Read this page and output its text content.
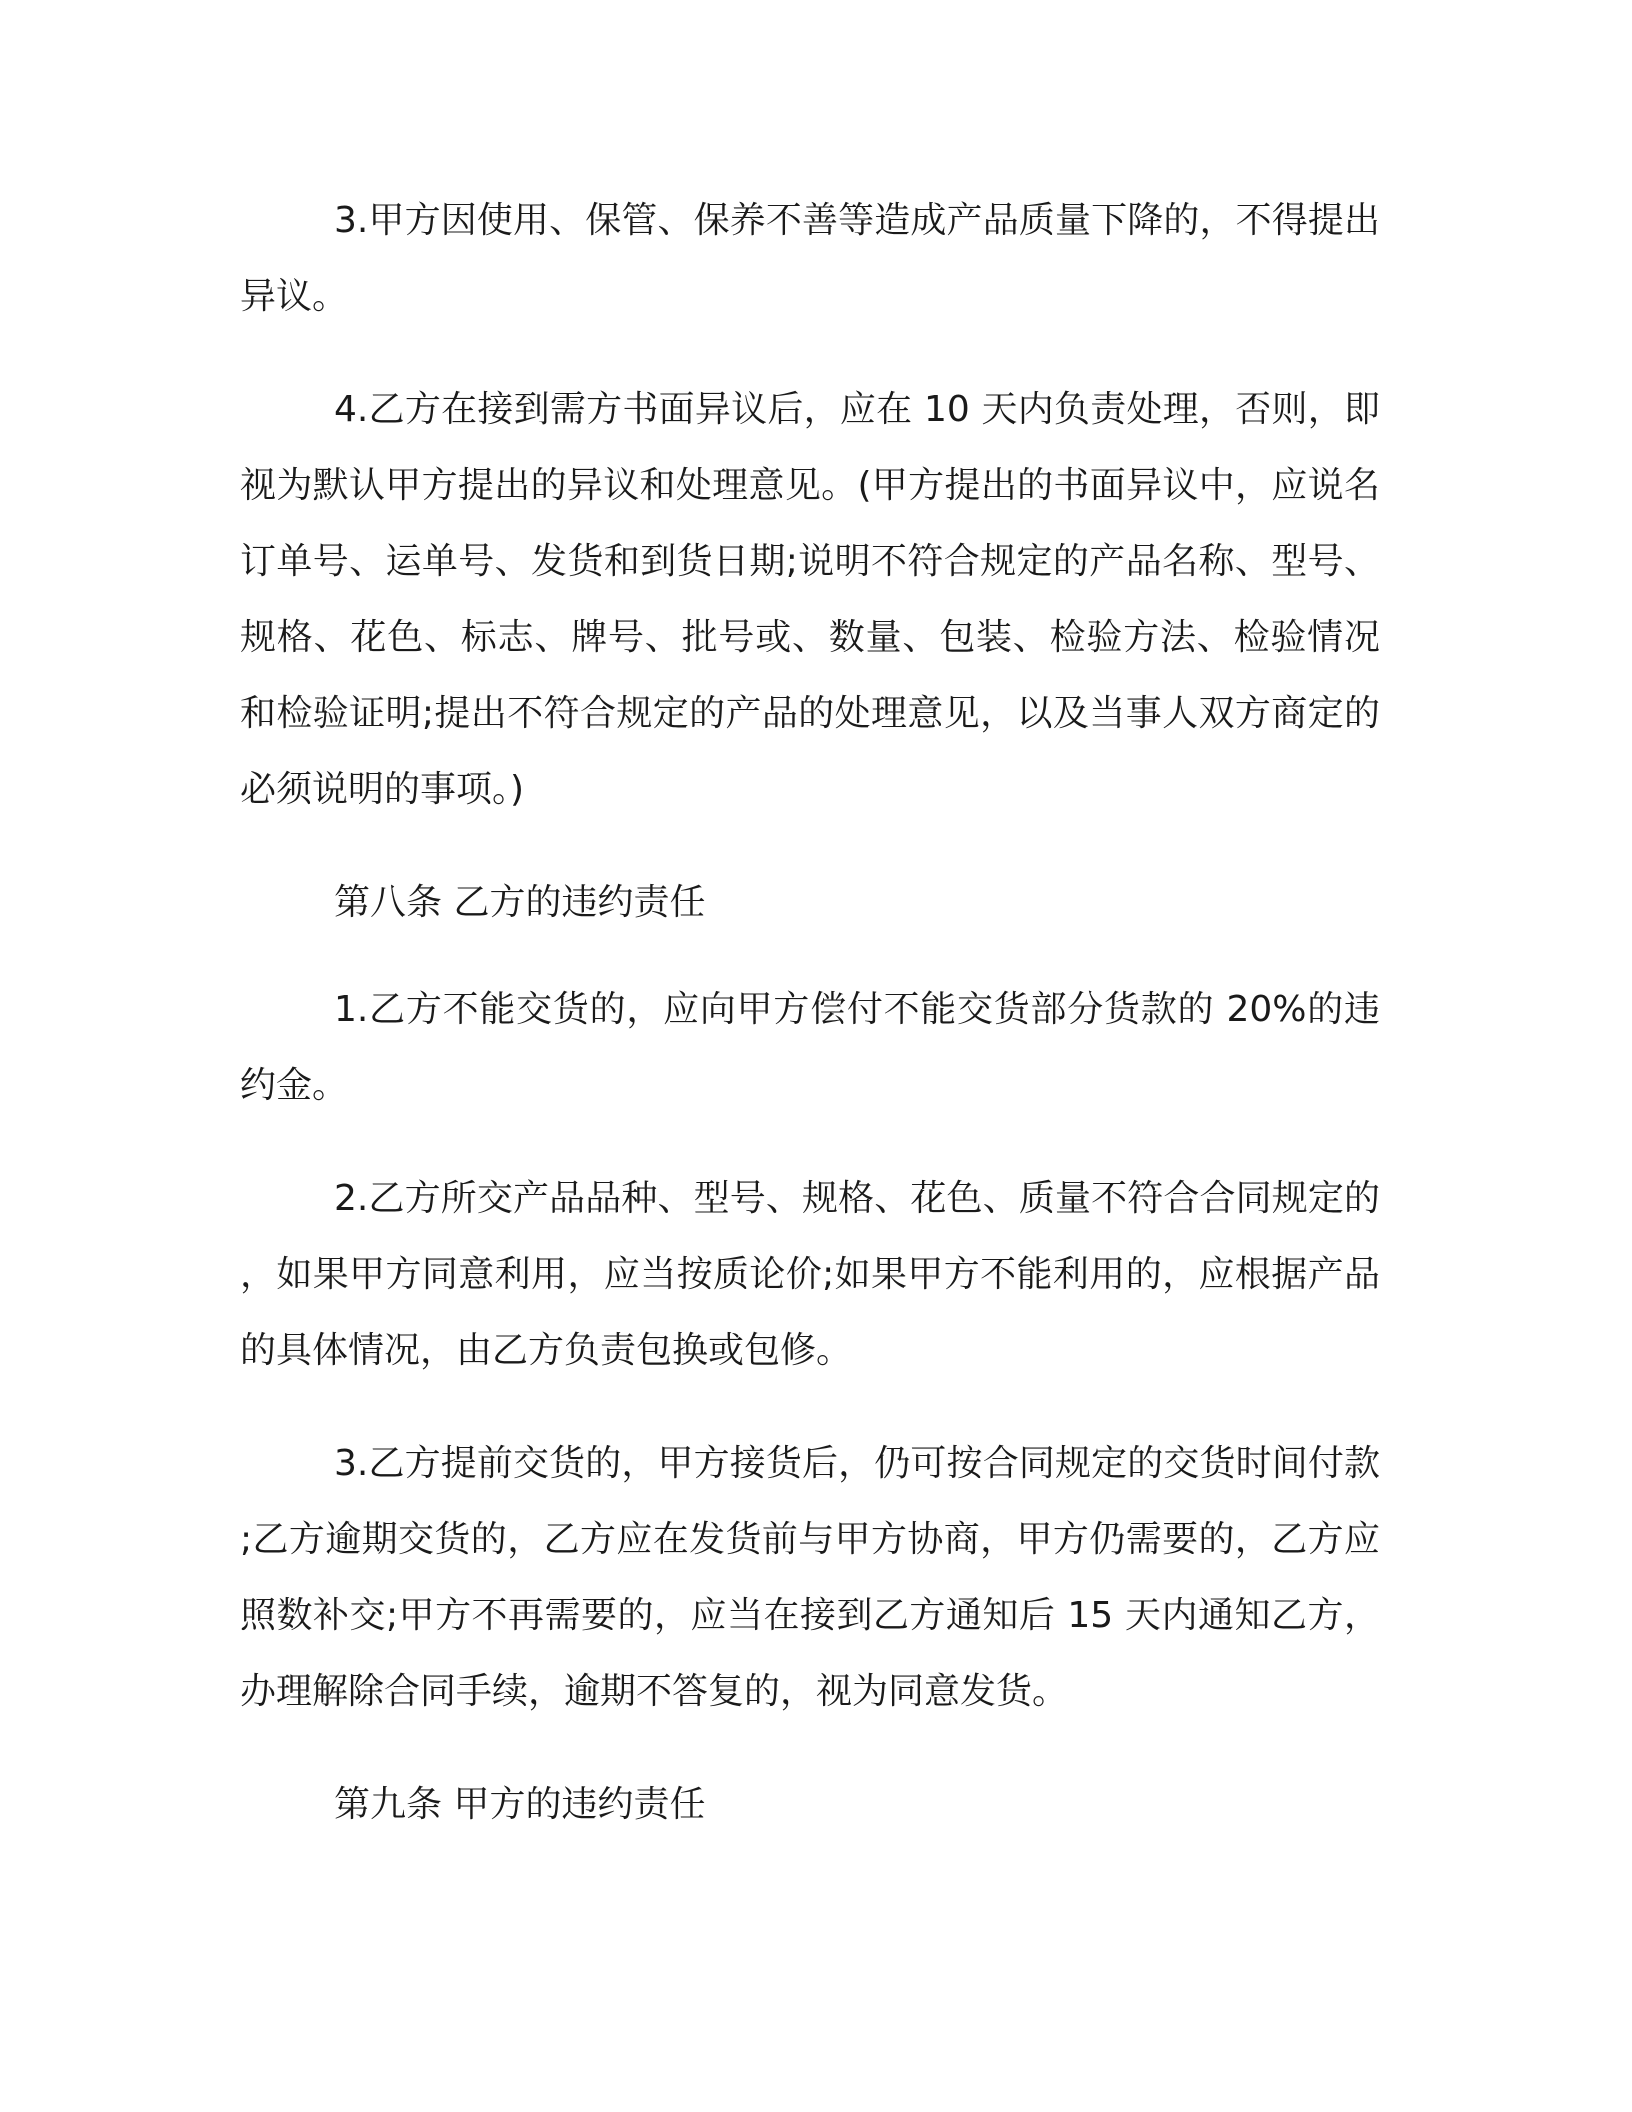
3.甲方因使用、保管、保养不善等造成产品质量下降的，不得提出异议。

4.乙方在接到需方书面异议后，应在 10 天内负责处理，否则，即视为默认甲方提出的异议和处理意见。(甲方提出的书面异议中，应说名订单号、运单号、发货和到货日期;说明不符合规定的产品名称、型号、规格、花色、标志、牌号、批号或、数量、包装、检验方法、检验情况和检验证明;提出不符合规定的产品的处理意见，以及当事人双方商定的必须说明的事项。)

第八条 乙方的违约责任

1.乙方不能交货的，应向甲方偿付不能交货部分货款的 20%的违约金。

2.乙方所交产品品种、型号、规格、花色、质量不符合合同规定的，如果甲方同意利用，应当按质论价;如果甲方不能利用的，应根据产品的具体情况，由乙方负责包换或包修。

3.乙方提前交货的，甲方接货后，仍可按合同规定的交货时间付款;乙方逾期交货的，乙方应在发货前与甲方协商，甲方仍需要的，乙方应照数补交;甲方不再需要的，应当在接到乙方通知后 15 天内通知乙方，办理解除合同手续，逾期不答复的，视为同意发货。

第九条 甲方的违约责任
